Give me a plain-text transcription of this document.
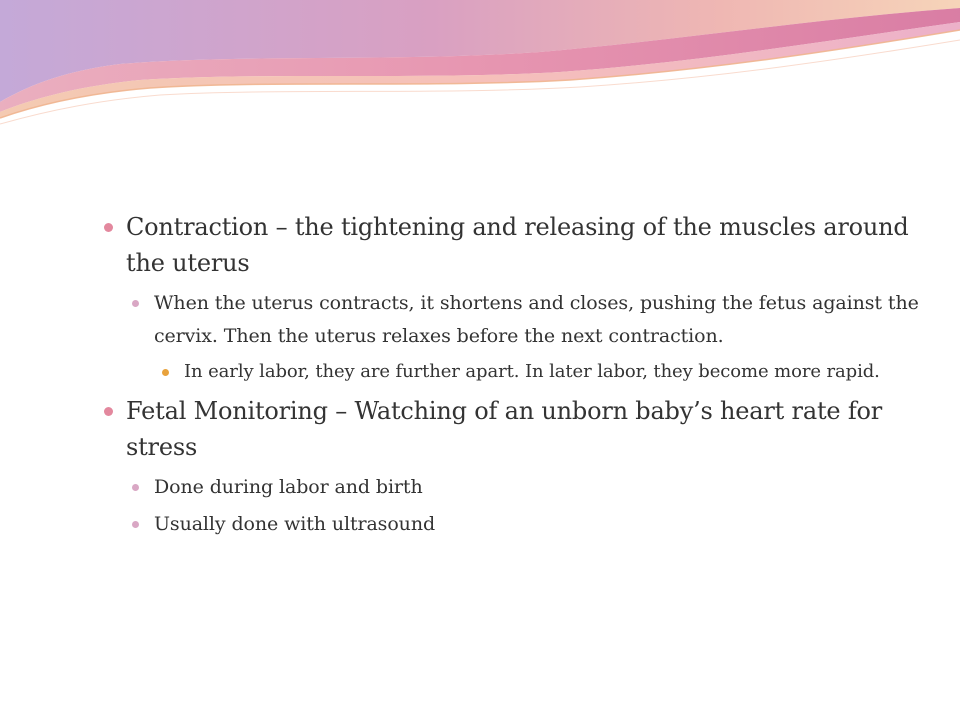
Contraction – the tightening and releasing of the muscles around the uterus
When the uterus contracts, it shortens and closes, pushing the fetus against the cervix. Then the uterus relaxes before the next contraction.
In early labor, they are further apart. In later labor, they become more rapid.
Fetal Monitoring – Watching of an unborn baby’s heart rate for stress
Done during labor and birth
Usually done with ultrasound
